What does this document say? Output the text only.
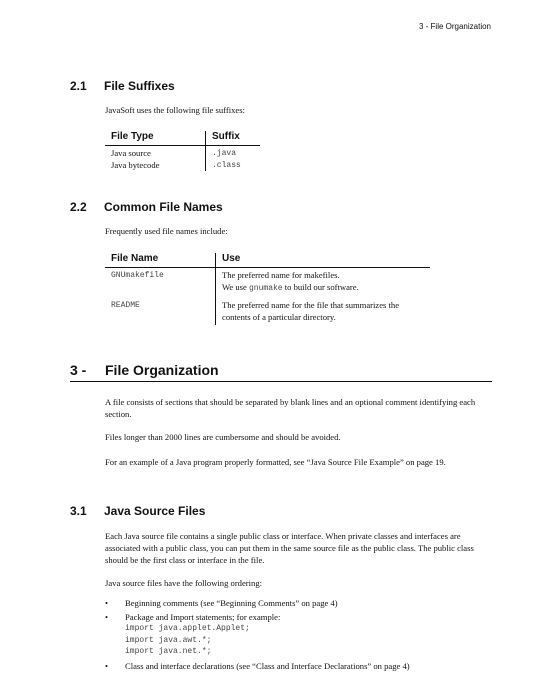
3 - File Organization
2.1 File Suffixes
JavaSoft uses the following file suffixes:
File Type	Suffix
Java source	.java
Java bytecode	.class
2.2 Common File Names
Frequently used file names include:
File Name	Use
GNUmakefile	The preferred name for makefiles.
We use gnumake to build our software.

README	The preferred name for the file that summarizes the
contents of a particular directory.
3 - File Organization
A file consists of sections that should be separated by blank lines and an optional comment identifying each section.
Files longer than 2000 lines are cumbersome and should be avoided.
For an example of a Java program properly formatted, see “Java Source File Example” on page 19.
3.1 Java Source Files
Each Java source file contains a single public class or interface. When private classes and interfaces are associated with a public class, you can put them in the same source file as the public class. The public class should be the first class or interface in the file.
Java source files have the following ordering:
• Beginning comments (see “Beginning Comments” on page 4)
• Package and Import statements; for example:
import java.applet.Applet;
import java.awt.*;
import java.net.*;
• Class and interface declarations (see “Class and Interface Declarations” on page 4)
